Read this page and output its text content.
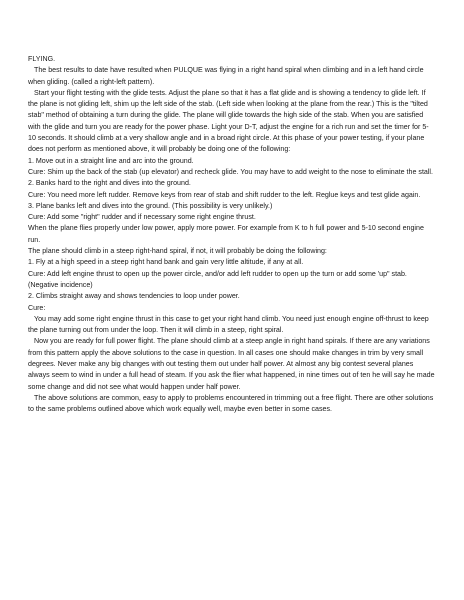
FLYING.

The best results to date have resulted when PULQUE was flying in a right hand spiral when climbing and in a left hand circle when gliding. (called a right-left pattern).

Start your flight testing with the glide tests. Adjust the plane so that it has a flat glide and is showing a tendency to glide left. If the plane is not gliding left, shim up the left side of the stab. (Left side when looking at the plane from the rear.) This is the "tilted stab" method of obtaining a turn during the glide. The plane will glide towards the high side of the stab. When you are satisfied with the glide and turn you are ready for the power phase. Light your D-T, adjust the engine for a rich run and set the timer for 5-10 seconds. It should climb at a very shallow angle and in a broad right circle. At this phase of your power testing, if your plane does not perform as mentioned above, it will probably be doing one of the following:

1. Move out in a straight line and arc into the ground.

Cure: Shim up the back of the stab (up elevator) and recheck glide. You may have to add weight to the nose to eliminate the stall.

2. Banks hard to the right and dives into the ground.

Cure: You need more left rudder. Remove keys from rear of stab and shift rudder to the left. Reglue keys and test glide again.

3. Plane banks left and dives into the ground. (This possibility is very unlikely.)

Cure: Add some "right" rudder and if necessary some right engine thrust.

When the plane flies properly under low power, apply more power. For example from K to h full power and 5-10 second engine run.

The plane should climb in a steep right-hand spiral, if not, it will probably be doing the following:

1. Fly at a high speed in a steep right hand bank and gain very little altitude, if any at all.

Cure: Add left engine thrust to open up the power circle, and/or add left rudder to open up the turn or add some 'up" stab. (Negative incidence)

2. Climbs straight away and shows tendencies to loop under power.

Cure:

You may add some right engine thrust in this case to get your right hand climb. You need just enough engine off-thrust to keep the plane turning out from under the loop. Then it will climb in a steep, right spiral.

Now you are ready for full power flight. The plane should climb at a steep angle in right hand spirals. If there are any variations from this pattern apply the above solutions to the case in question. In all cases one should make changes in trim by very small degrees. Never make any big changes with out testing them out under half power. At almost any big contest several planes always seem to wind in under a full head of steam. If you ask the flier what happened, in nine times out of ten he will say he made some change and did not see what would happen under half power.

The above solutions are common, easy to apply to problems encountered in trimming out a free flight. There are other solutions to the same problems outlined above which work equally well, maybe even better in some cases.
